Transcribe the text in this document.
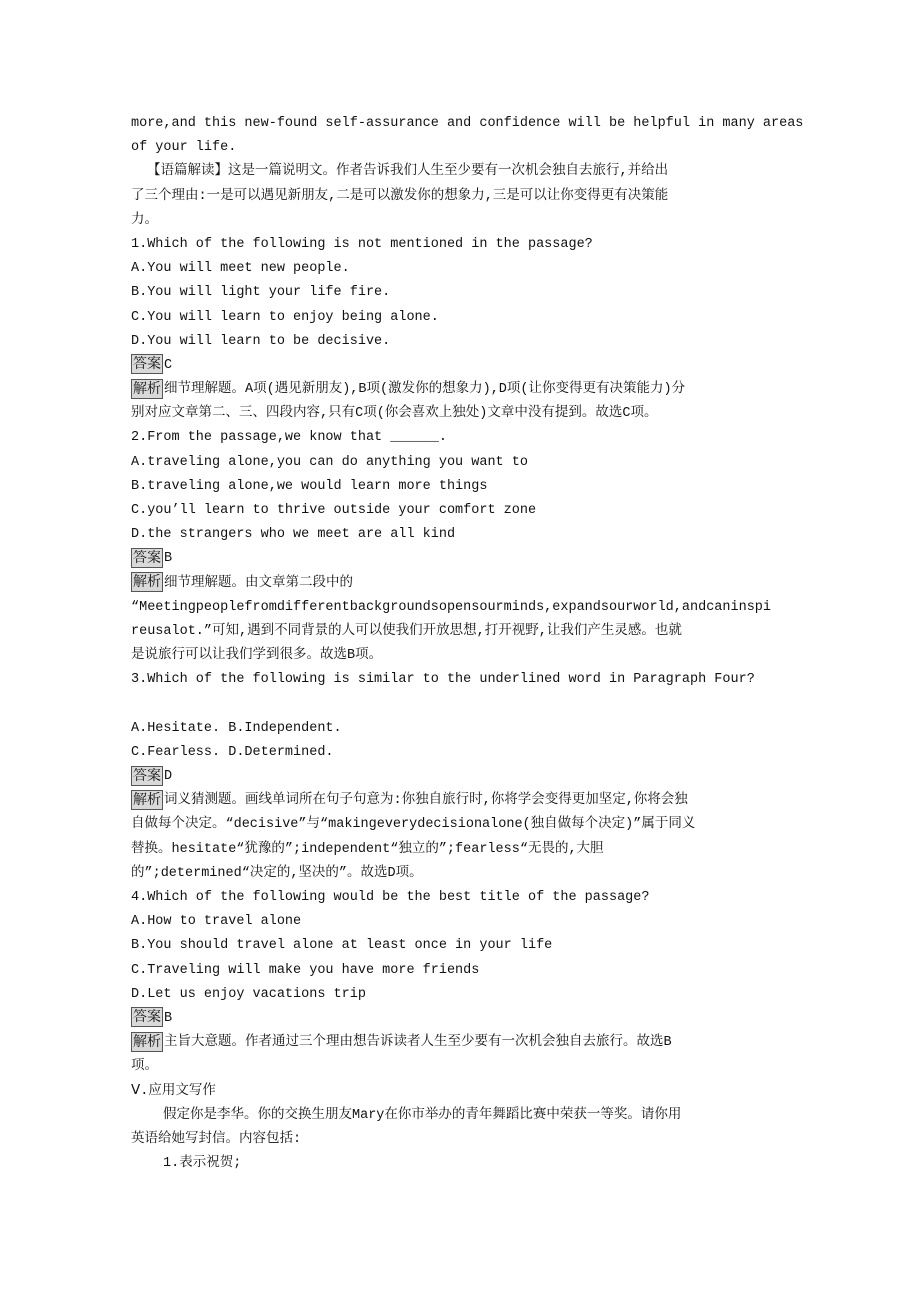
more,and this new-found self-assurance and confidence will be helpful in many areas
of your life.
【语篇解读】这是一篇说明文。作者告诉我们人生至少要有一次机会独自去旅行,并给出
了三个理由:一是可以遇见新朋友,二是可以激发你的想象力,三是可以让你变得更有决策能
力。
1.Which of the following is not mentioned in the passage?
A.You will meet new people.
B.You will light your life fire.
C.You will learn to enjoy being alone.
D.You will learn to be decisive.
答案 C
解析 细节理解题。A项(遇见新朋友),B项(激发你的想象力),D项(让你变得更有决策能力)分
别对应文章第二、三、四段内容,只有C项(你会喜欢上独处)文章中没有提到。故选C项。
2.From the passage,we know that ______.
A.traveling alone,you can do anything you want to
B.traveling alone,we would learn more things
C.you’ll learn to thrive outside your comfort zone
D.the strangers who we meet are all kind
答案 B
解析 细节理解题。由文章第二段中的
“Meetingpeoplefromdifferentbackgroundsopensourminds,expandsourworld,andcaninspi
reusalot.”可知,遇到不同背景的人可以使我们开放思想,打开视野,让我们产生灵感。也就
是说旅行可以让我们学到很多。故选B项。
3.Which of the following is similar to the underlined word in Paragraph Four?
A.Hesitate. B.Independent.
C.Fearless. D.Determined.
答案 D
解析 词义猜测题。画线单词所在句子句意为:你独自旅行时,你将学会变得更加坚定,你将会独
自做每个决定。“decisive”与“makingeverydecisionalone(独自做每个决定)”属于同义
替换。hesitate“犹豫的”;independent“独立的”;fearless“无畏的,大胆
的”;determined“决定的,坚决的”。故选D项。
4.Which of the following would be the best title of the passage?
A.How to travel alone
B.You should travel alone at least once in your life
C.Traveling will make you have more friends
D.Let us enjoy vacations trip
答案 B
解析 主旨大意题。作者通过三个理由想告诉读者人生至少要有一次机会独自去旅行。故选B
项。
Ⅴ.应用文写作
假定你是李华。你的交换生朋友Mary在你市举办的青年舞蹈比赛中荣获一等奖。请你用
英语给她写封信。内容包括:
1.表示祝贺;
